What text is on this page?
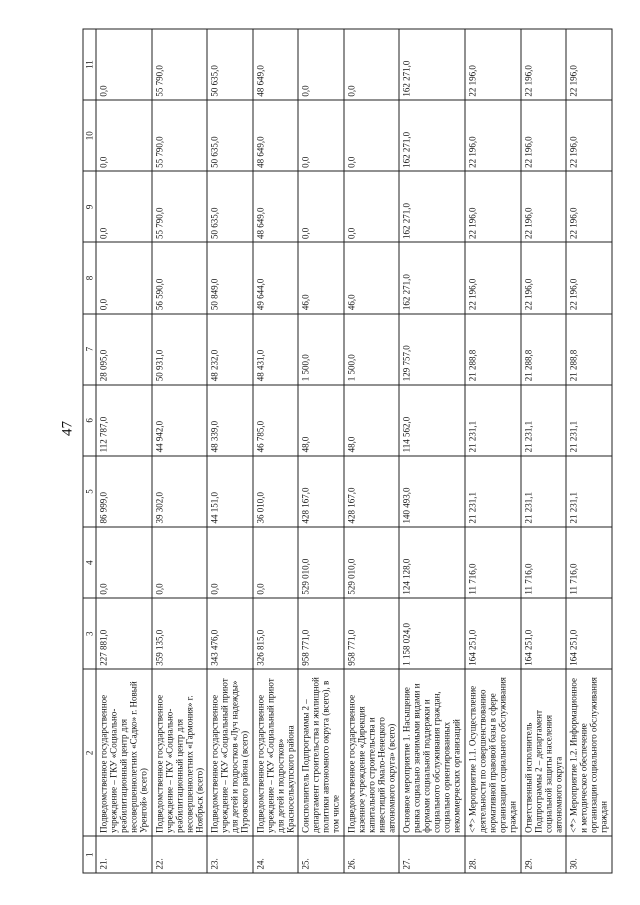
47
1	2	3	4	5	6	7	8	9	10	11
21.	Подведомственное государственное учреждение – ГКУ «Социально-реабилитационный центр для несовершеннолетних «Садко» г. Новый Уренгой» (всего)	227 881,0	0,0	86 999,0	112 787,0	28 095,0	0,0	0,0	0,0	0,0
22.	Подведомственное государственное учреждение – ГКУ «Социально-реабилитационный центр для несовершеннолетних «Гармония» г. Ноябрьск (всего)	359 135,0	0,0	39 302,0	44 942,0	50 931,0	56 590,0	55 790,0	55 790,0	55 790,0
23.	Подведомственное государственное учреждение – ГКУ «Социальный приют для детей и подростков «Луч надежды» Пуровского района (всего)	343 476,0	0,0	44 151,0	48 339,0	48 232,0	50 849,0	50 635,0	50 635,0	50 635,0
24.	Подведомственное государственное учреждение – ГКУ «Социальный приют для детей и подростков» Красноселькупского района	326 815,0	0,0	36 010,0	46 785,0	48 431,0	49 644,0	48 649,0	48 649,0	48 649,0
25.	Соисполнитель Подпрограммы 2 – департамент строительства и жилищной политики автономного округа (всего), в том числе	958 771,0	529 010,0	428 167,0	48,0	1 500,0	46,0	0,0	0,0	0,0
26.	Подведомственное государственное казенное учреждение «Дирекция капитального строительства и инвестиций Ямало-Ненецкого автономного округа» (всего)	958 771,0	529 010,0	428 167,0	48,0	1 500,0	46,0	0,0	0,0	0,0
27.	Основное мероприятие 1. Насыщение рынка социально значимыми видами и формами социальной поддержки и социального обслуживания граждан, социально ориентированных некоммерческих организаций	1 158 024,0	124 128,0	140 493,0	114 562,0	129 757,0	162 271,0	162 271,0	162 271,0	162 271,0
28.	<*> Мероприятие 1.1. Осуществление деятельности по совершенствованию нормативной правовой базы в сфере организации социального обслуживания граждан	164 251,0	11 716,0	21 231,1	21 231,1	21 288,8	22 196,0	22 196,0	22 196,0	22 196,0
29.	Ответственный исполнитель Подпрограммы 2 – департамент социальной защиты населения автономного округа	164 251,0	11 716,0	21 231,1	21 231,1	21 288,8	22 196,0	22 196,0	22 196,0	22 196,0
30.	<*> Мероприятие 1.2. Информационное и методическое обеспечение организации социального обслуживания граждан	164 251,0	11 716,0	21 231,1	21 231,1	21 288,8	22 196,0	22 196,0	22 196,0	22 196,0
